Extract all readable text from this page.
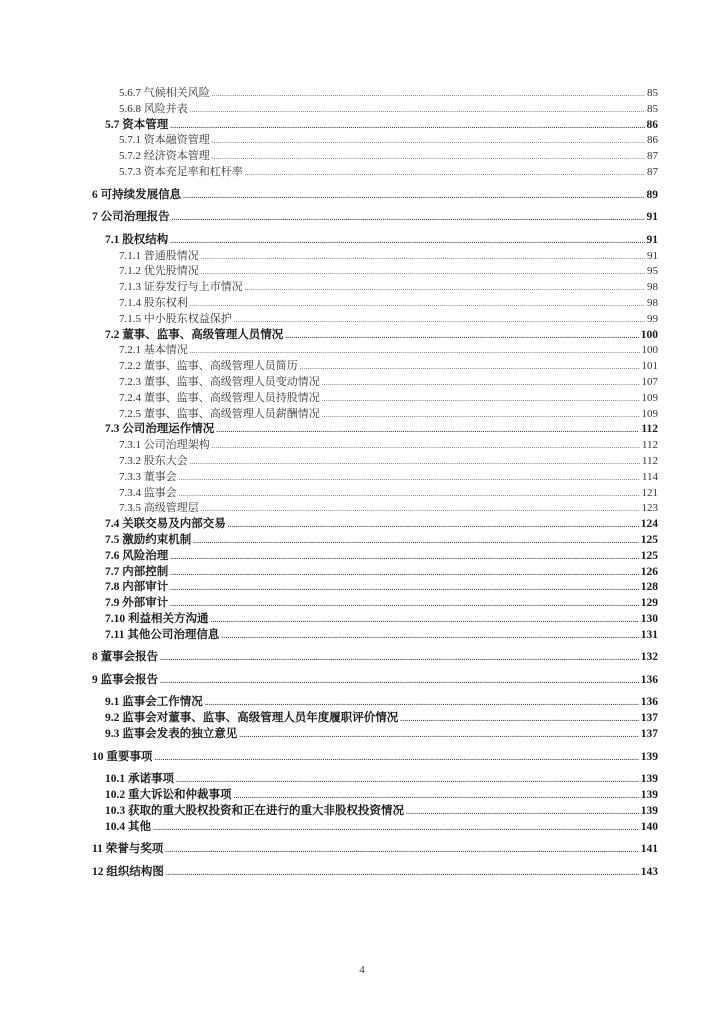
5.6.7 气候相关风险 .....	85
5.6.8 风险并表 .....	85
5.7 资本管理 .....	86
5.7.1 资本融资管理 .....	86
5.7.2 经济资本管理 .....	87
5.7.3 资本充足率和杠杆率 .....	87
6 可持续发展信息 .....	89
7 公司治理报告 .....	91
7.1 股权结构 .....	91
7.1.1 普通股情况 .....	91
7.1.2 优先股情况 .....	95
7.1.3 证券发行与上市情况 .....	98
7.1.4 股东权利 .....	98
7.1.5 中小股东权益保护 .....	99
7.2 董事、监事、高级管理人员情况 .....	100
7.2.1 基本情况 .....	100
7.2.2 董事、监事、高级管理人员简历 .....	101
7.2.3 董事、监事、高级管理人员变动情况 .....	107
7.2.4 董事、监事、高级管理人员持股情况 .....	109
7.2.5 董事、监事、高级管理人员薪酬情况 .....	109
7.3 公司治理运作情况 .....	112
7.3.1 公司治理架构 .....	112
7.3.2 股东大会 .....	112
7.3.3 董事会 .....	114
7.3.4 监事会 .....	121
7.3.5 高级管理层 .....	123
7.4 关联交易及内部交易 .....	124
7.5 激励约束机制 .....	125
7.6 风险治理 .....	125
7.7 内部控制 .....	126
7.8 内部审计 .....	128
7.9 外部审计 .....	129
7.10 利益相关方沟通 .....	130
7.11 其他公司治理信息 .....	131
8 董事会报告 .....	132
9 监事会报告 .....	136
9.1 监事会工作情况 .....	136
9.2 监事会对董事、监事、高级管理人员年度履职评价情况 .....	137
9.3 监事会发表的独立意见 .....	137
10 重要事项 .....	139
10.1 承诺事项 .....	139
10.2 重大诉讼和仲裁事项 .....	139
10.3 获取的重大股权投资和正在进行的重大非股权投资情况 .....	139
10.4 其他 .....	140
11 荣誉与奖项 .....	141
12 组织结构图 .....	143
4
